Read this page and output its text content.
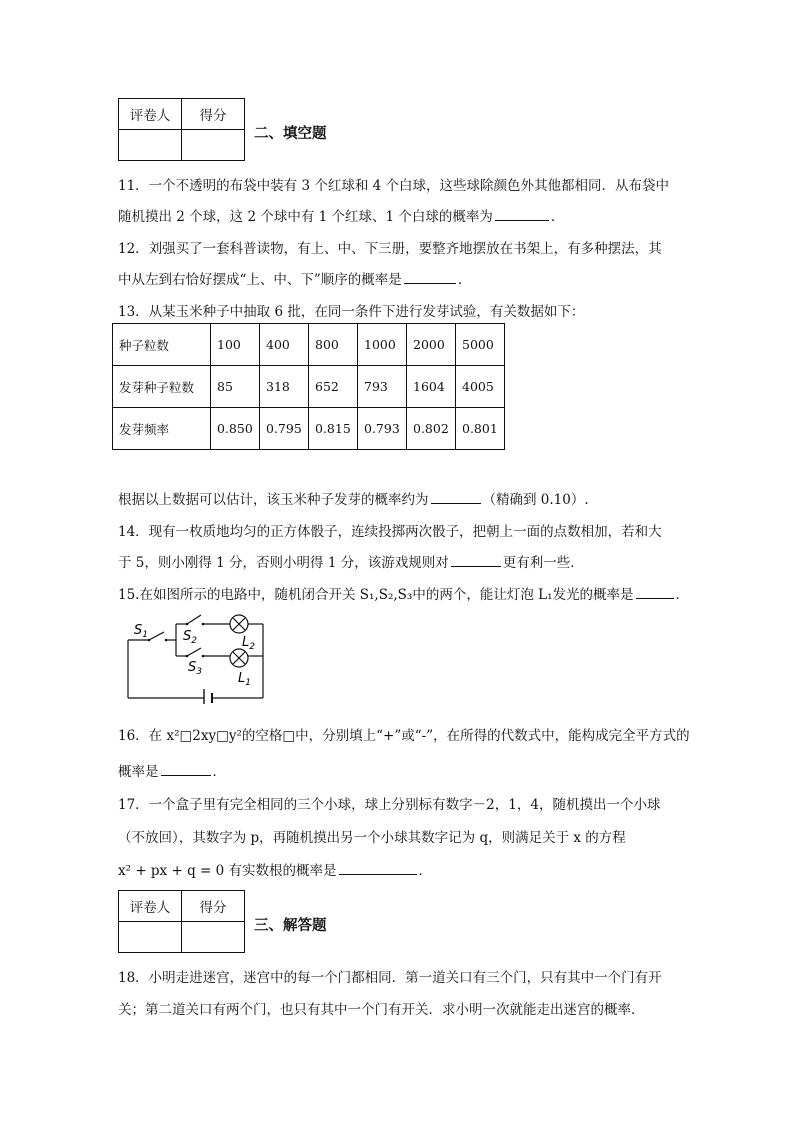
评卷人	得分

二、填空题
11．一个不透明的布袋中装有 3 个红球和 4 个白球，这些球除颜色外其他都相同．从布袋中
随机摸出 2 个球，这 2 个球中有 1 个红球、1 个白球的概率为	．
12．刘强买了一套科普读物，有上、中、下三册，要整齐地摆放在书架上，有多种摆法，其
中从左到右恰好摆成“上、中、下”顺序的概率是	．
13．从某玉米种子中抽取 6 批，在同一条件下进行发芽试验，有关数据如下：
种子粒数	100	400	800	1000	2000	5000
发芽种子粒数	85	318	652	793	1604	4005
发芽频率	0.850	0.795	0.815	0.793	0.802	0.801
根据以上数据可以估计，该玉米种子发芽的概率约为	（精确到 0.10）.
14．现有一枚质地均匀的正方体骰子，连续投掷两次骰子，把朝上一面的点数相加，若和大
于 5，则小刚得 1 分，否则小明得 1 分，该游戏规则对	更有利一些．
15.在如图所示的电路中，随机闭合开关 S₁,S₂,S₃中的两个，能让灯泡 L₁发光的概率是	．
$S_1$	$S_2$
$S_3$
$L_2$
$L_1$
16．在 x²□2xy□y²的空格□中，分别填上“+”或“-”，在所得的代数式中，能构成完全平方式的
概率是	．
17．一个盒子里有完全相同的三个小球，球上分别标有数字－2，1，4，随机摸出一个小球
（不放回），其数字为 p，再随机摸出另一个小球其数字记为 q，则满足关于 x 的方程
x² + px + q = 0 有实数根的概率是	．
评卷人	得分

三、解答题
18．小明走进迷宫，迷宫中的每一个门都相同．第一道关口有三个门，只有其中一个门有开
关；第二道关口有两个门，也只有其中一个门有开关．求小明一次就能走出迷宫的概率．
